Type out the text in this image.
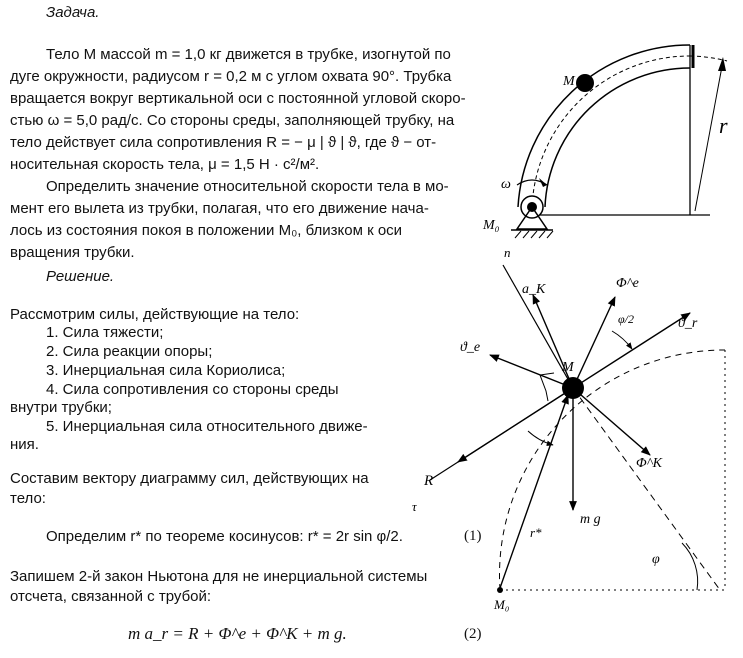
Задача.
Тело M массой m = 1,0 кг движется в трубке, изогнутой по
дуге окружности, радиусом r = 0,2 м с углом охвата 90°. Трубка
вращается вокруг вертикальной оси с постоянной угловой скоро-
стью ω = 5,0 рад/с. Со стороны среды, заполняющей трубку, на
тело действует сила сопротивления R = − μ | ϑ | ϑ, где ϑ − от-
носительная скорость тела, μ = 1,5 Н · с²/м².
Определить значение относительной скорости тела в мо-
мент его вылета из трубки, полагая, что его движение нача-
лось из состояния покоя в положении M₀, близком к оси
вращения трубки.
Решение.
Рассмотрим силы, действующие на тело:
1. Сила тяжести;
2. Сила реакции опоры;
3. Инерциальная сила Кориолиса;
4. Сила сопротивления со стороны среды
внутри трубки;
5. Инерциальная сила относительного движе-
ния.
Составим вектору диаграмму сил, действующих на
тело:
Определим r* по теореме косинусов: r* = 2r sin φ/2.	(1)
Запишем 2-й закон Ньютона для не инерциальной системы
отсчета, связанной с трубой:
m a_r = R + Φ^e + Φ^K + m g.	(2)
M
ω
M₀
r
n
a_K	Φ^e
φ/2	ϑ_r
ϑ_e
M
Φ^K
R
τ
m g
r*
φ
M₀
